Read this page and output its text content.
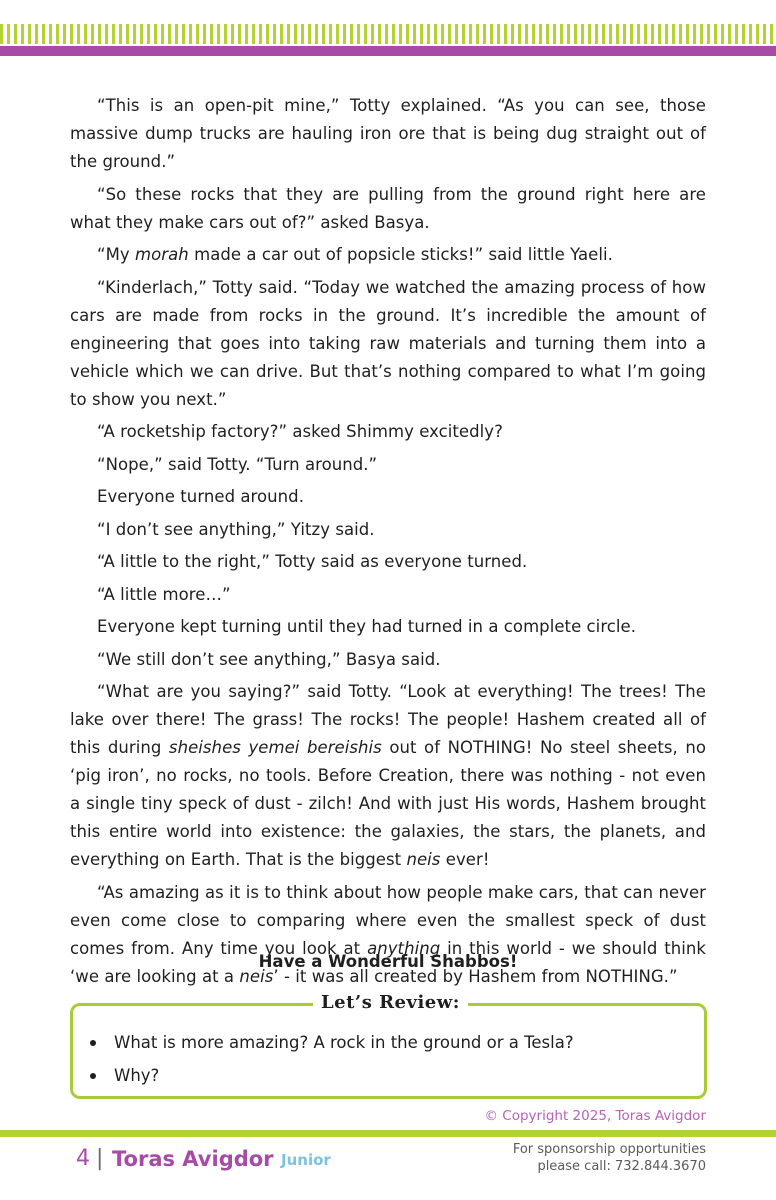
“This is an open-pit mine,” Totty explained. “As you can see, those massive dump trucks are hauling iron ore that is being dug straight out of the ground.”

“So these rocks that they are pulling from the ground right here are what they make cars out of?” asked Basya.

“My morah made a car out of popsicle sticks!” said little Yaeli.

“Kinderlach,” Totty said. “Today we watched the amazing process of how cars are made from rocks in the ground. It’s incredible the amount of engineering that goes into taking raw materials and turning them into a vehicle which we can drive. But that’s nothing compared to what I’m going to show you next.”

“A rocketship factory?” asked Shimmy excitedly?

“Nope,” said Totty. “Turn around.”

Everyone turned around.

“I don’t see anything,” Yitzy said.

“A little to the right,” Totty said as everyone turned.

“A little more…”

Everyone kept turning until they had turned in a complete circle.

“We still don’t see anything,” Basya said.

“What are you saying?” said Totty. “Look at everything! The trees! The lake over there! The grass! The rocks! The people! Hashem created all of this during sheishes yemei bereishis out of NOTHING! No steel sheets, no ‘pig iron’, no rocks, no tools. Before Creation, there was nothing - not even a single tiny speck of dust - zilch! And with just His words, Hashem brought this entire world into existence: the galaxies, the stars, the planets, and everything on Earth. That is the biggest neis ever!

“As amazing as it is to think about how people make cars, that can never even come close to comparing where even the smallest speck of dust comes from. Any time you look at anything in this world - we should think ‘we are looking at a neis’ - it was all created by Hashem from NOTHING.”

Have a Wonderful Shabbos!
Let’s Review:
What is more amazing? A rock in the ground or a Tesla?
Why?
© Copyright 2025, Toras Avigdor
4 | Toras Avigdor Junior
For sponsorship opportunities
please call: 732.844.3670
